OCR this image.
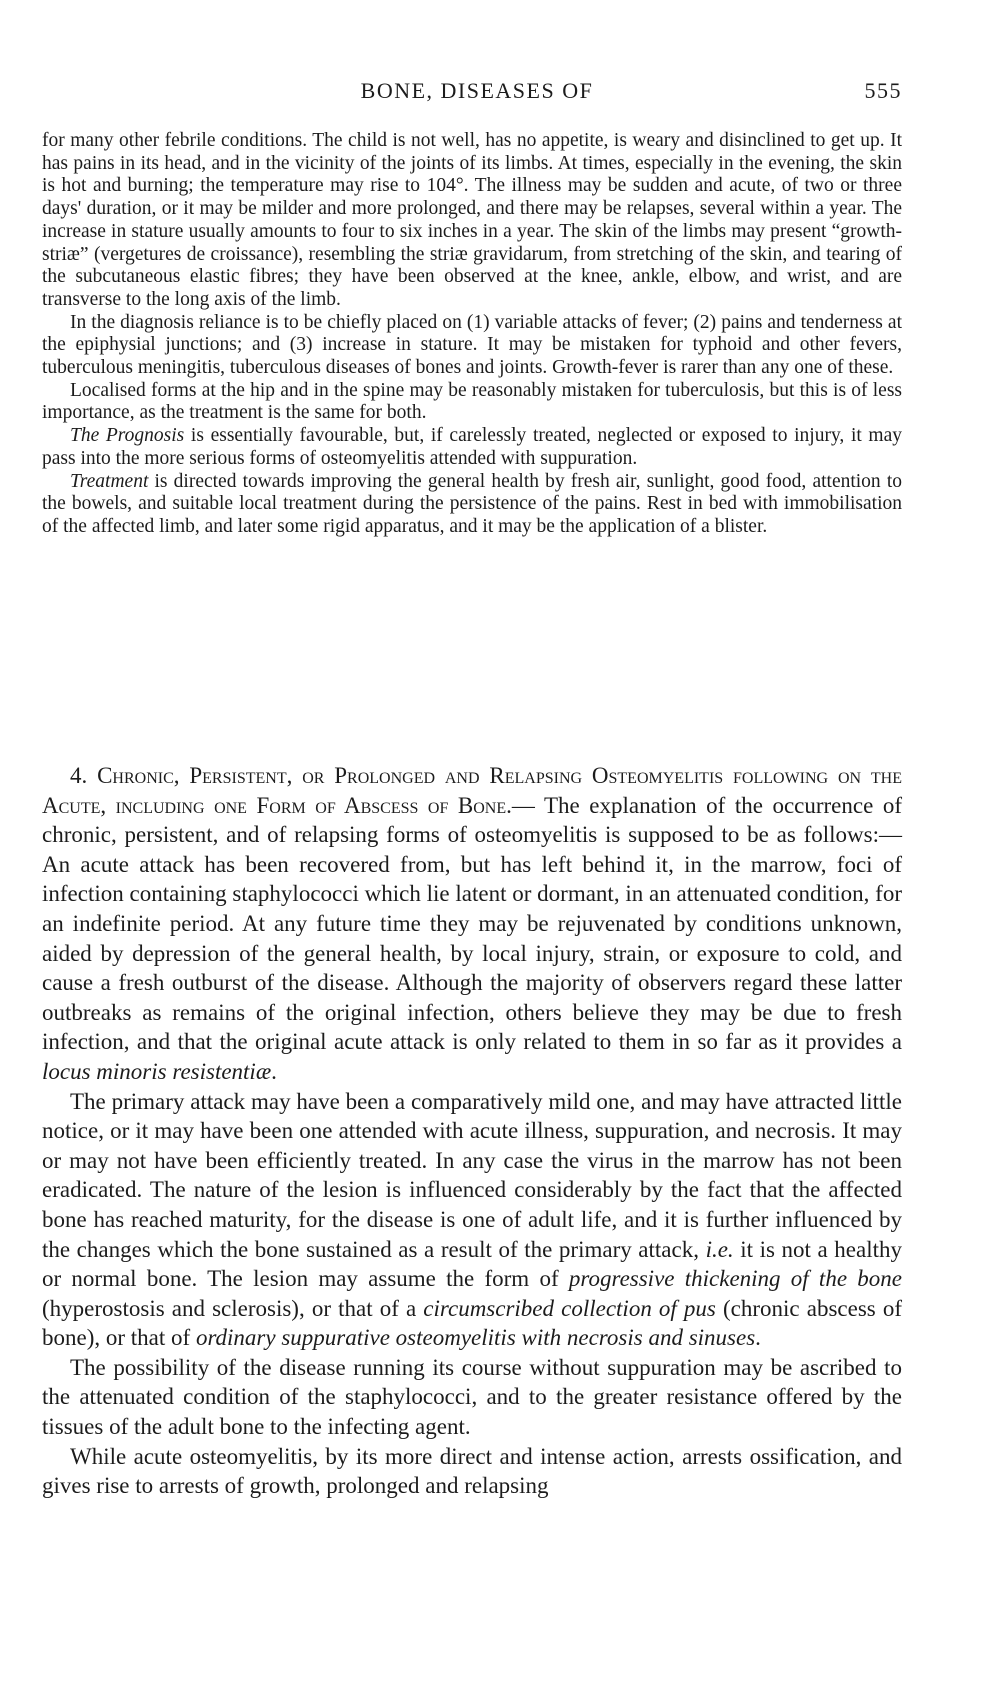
BONE, DISEASES OF	555

for many other febrile conditions. The child is not well, has no appetite, is weary and disinclined to get up. It has pains in its head, and in the vicinity of the joints of its limbs. At times, especially in the evening, the skin is hot and burning; the temperature may rise to 104°. The illness may be sudden and acute, of two or three days' duration, or it may be milder and more prolonged, and there may be relapses, several within a year. The increase in stature usually amounts to four to six inches in a year. The skin of the limbs may present “growth-striæ” (vergetures de croissance), resembling the striæ gravidarum, from stretching of the skin, and tearing of the subcutaneous elastic fibres; they have been observed at the knee, ankle, elbow, and wrist, and are transverse to the long axis of the limb.

In the diagnosis reliance is to be chiefly placed on (1) variable attacks of fever; (2) pains and tenderness at the epiphysial junctions; and (3) increase in stature. It may be mistaken for typhoid and other fevers, tuberculous meningitis, tuberculous diseases of bones and joints. Growth-fever is rarer than any one of these.

Localised forms at the hip and in the spine may be reasonably mistaken for tuberculosis, but this is of less importance, as the treatment is the same for both.

The Prognosis is essentially favourable, but, if carelessly treated, neglected or exposed to injury, it may pass into the more serious forms of osteomyelitis attended with suppuration.

Treatment is directed towards improving the general health by fresh air, sunlight, good food, attention to the bowels, and suitable local treatment during the persistence of the pains. Rest in bed with immobilisation of the affected limb, and later some rigid apparatus, and it may be the application of a blister.

4. Chronic, Persistent, or Prolonged and Relapsing Osteomyelitis following on the Acute, including one Form of Abscess of Bone.— The explanation of the occurrence of chronic, persistent, and of relapsing forms of osteomyelitis is supposed to be as follows:—An acute attack has been recovered from, but has left behind it, in the marrow, foci of infection containing staphylococci which lie latent or dormant, in an attenuated condition, for an indefinite period. At any future time they may be rejuvenated by conditions unknown, aided by depression of the general health, by local injury, strain, or exposure to cold, and cause a fresh outburst of the disease. Although the majority of observers regard these latter outbreaks as remains of the original infection, others believe they may be due to fresh infection, and that the original acute attack is only related to them in so far as it provides a locus minoris resistentiæ.

The primary attack may have been a comparatively mild one, and may have attracted little notice, or it may have been one attended with acute illness, suppuration, and necrosis. It may or may not have been efficiently treated. In any case the virus in the marrow has not been eradicated. The nature of the lesion is influenced considerably by the fact that the affected bone has reached maturity, for the disease is one of adult life, and it is further influenced by the changes which the bone sustained as a result of the primary attack, i.e. it is not a healthy or normal bone. The lesion may assume the form of progressive thickening of the bone (hyperostosis and sclerosis), or that of a circumscribed collection of pus (chronic abscess of bone), or that of ordinary suppurative osteomyelitis with necrosis and sinuses.

The possibility of the disease running its course without suppuration may be ascribed to the attenuated condition of the staphylococci, and to the greater resistance offered by the tissues of the adult bone to the infecting agent.

While acute osteomyelitis, by its more direct and intense action, arrests ossification, and gives rise to arrests of growth, prolonged and relapsing
